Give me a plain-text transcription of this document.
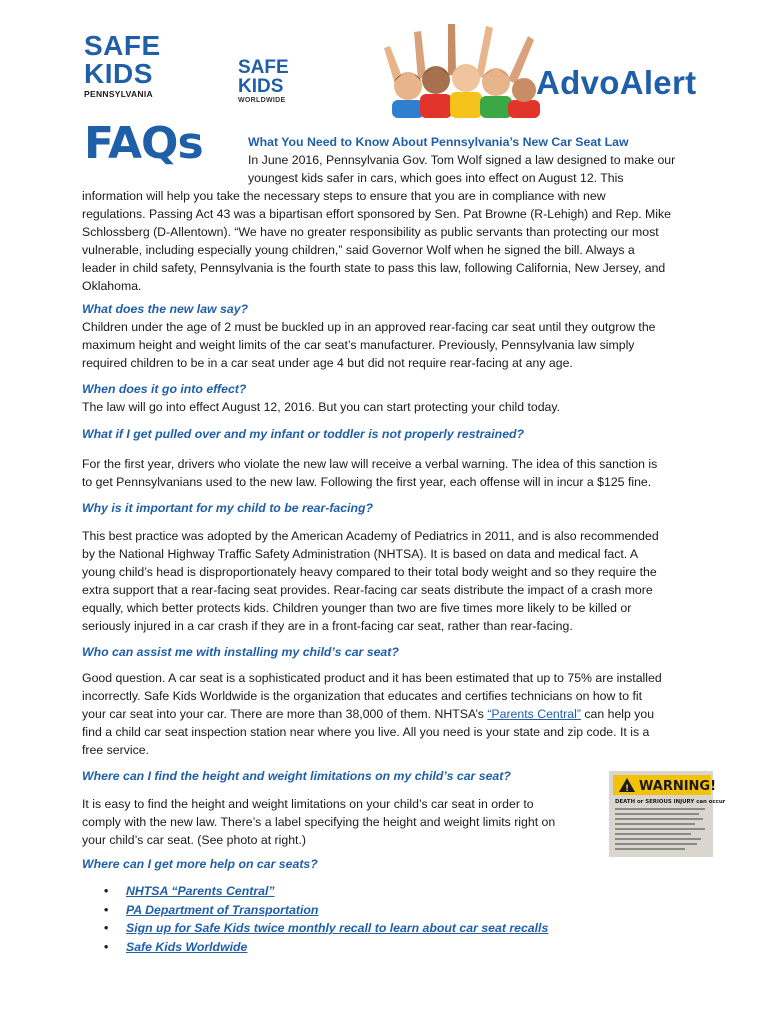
SAFE
KIDS
PENNSYLVANIA
SAFE
KIDS
WORLDWIDE	AdvoAlert
FAQs	What You Need to Know About Pennsylvania’s New Car Seat Law
In June 2016, Pennsylvania Gov. Tom Wolf signed a law designed to make our
youngest kids safer in cars, which goes into effect on August 12. This
information will help you take the necessary steps to ensure that you are in compliance with new
regulations. Passing Act 43 was a bipartisan effort sponsored by Sen. Pat Browne (R-Lehigh) and Rep. Mike
Schlossberg (D-Allentown). “We have no greater responsibility as public servants than protecting our most
vulnerable, including especially young children,” said Governor Wolf when he signed the bill. Always a
leader in child safety, Pennsylvania is the fourth state to pass this law, following California, New Jersey, and
Oklahoma.
What does the new law say?
Children under the age of 2 must be buckled up in an approved rear-facing car seat until they outgrow the
maximum height and weight limits of the car seat’s manufacturer. Previously, Pennsylvania law simply
required children to be in a car seat under age 4 but did not require rear-facing at any age.
When does it go into effect?
The law will go into effect August 12, 2016. But you can start protecting your child today.
What if I get pulled over and my infant or toddler is not properly restrained?
For the first year, drivers who violate the new law will receive a verbal warning. The idea of this sanction is
to get Pennsylvanians used to the new law. Following the first year, each offense will in incur a $125 fine.
Why is it important for my child to be rear-facing?
This best practice was adopted by the American Academy of Pediatrics in 2011, and is also recommended
by the National Highway Traffic Safety Administration (NHTSA). It is based on data and medical fact. A
young child’s head is disproportionately heavy compared to their total body weight and so they require the
extra support that a rear-facing seat provides. Rear-facing car seats distribute the impact of a crash more
equally, which better protects kids. Children younger than two are five times more likely to be killed or
seriously injured in a car crash if they are in a front-facing car seat, rather than rear-facing.
Who can assist me with installing my child’s car seat?
Good question. A car seat is a sophisticated product and it has been estimated that up to 75% are installed
incorrectly. Safe Kids Worldwide is the organization that educates and certifies technicians on how to fit
your car seat into your car. There are more than 38,000 of them. NHTSA’s “Parents Central” can help you
find a child car seat inspection station near where you live. All you need is your state and zip code. It is a
free service.
Where can I find the height and weight limitations on my child’s car seat?
It is easy to find the height and weight limitations on your child’s car seat in order to
comply with the new law. There’s a label specifying the height and weight limits right on
your child’s car seat. (See photo at right.)
! WARNING!
DEATH or SERIOUS INJURY can occur
Where can I get more help on car seats?
• NHTSA “Parents Central”
• PA Department of Transportation
• Sign up for Safe Kids twice monthly recall to learn about car seat recalls
• Safe Kids Worldwide
